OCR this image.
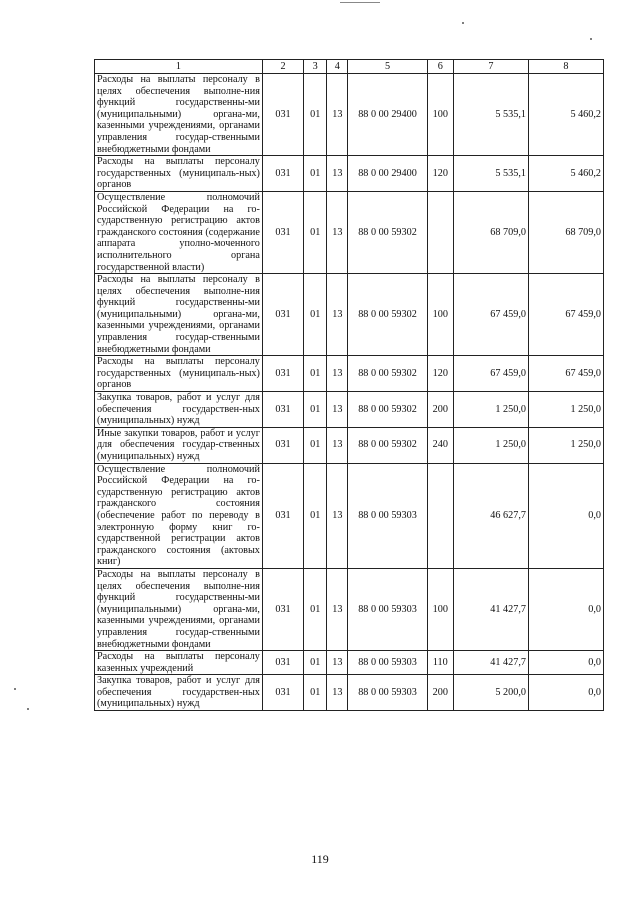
1	2	3	4	5	6	7	8
Расходы на выплаты персоналу в целях обеспечения выполне-ния функций государственны-ми (муниципальными) органа-ми, казенными учреждениями, органами управления государ-ственными внебюджетными фондами	031	01	13	88 0 00 29400	100	5 535,1	5 460,2
Расходы на выплаты персоналу государственных (муниципаль-ных) органов	031	01	13	88 0 00 29400	120	5 535,1	5 460,2
Осуществление полномочий Российской Федерации на го-сударственную регистрацию актов гражданского состояния (содержание аппарата уполно-моченного исполнительного органа государственной власти)	031	01	13	88 0 00 59302		68 709,0	68 709,0
Расходы на выплаты персоналу в целях обеспечения выполне-ния функций государственны-ми (муниципальными) органа-ми, казенными учреждениями, органами управления государ-ственными внебюджетными фондами	031	01	13	88 0 00 59302	100	67 459,0	67 459,0
Расходы на выплаты персоналу государственных (муниципаль-ных) органов	031	01	13	88 0 00 59302	120	67 459,0	67 459,0
Закупка товаров, работ и услуг для обеспечения государствен-ных (муниципальных) нужд	031	01	13	88 0 00 59302	200	1 250,0	1 250,0
Иные закупки товаров, работ и услуг для обеспечения государ-ственных (муниципальных) нужд	031	01	13	88 0 00 59302	240	1 250,0	1 250,0
Осуществление полномочий Российской Федерации на го-сударственную регистрацию актов гражданского состояния (обеспечение работ по переводу в электронную форму книг го-сударственной регистрации актов гражданского состояния (актовых книг)	031	01	13	88 0 00 59303		46 627,7	0,0
Расходы на выплаты персоналу в целях обеспечения выполне-ния функций государственны-ми (муниципальными) органа-ми, казенными учреждениями, органами управления государ-ственными внебюджетными фондами	031	01	13	88 0 00 59303	100	41 427,7	0,0
Расходы на выплаты персоналу казенных учреждений	031	01	13	88 0 00 59303	110	41 427,7	0,0
Закупка товаров, работ и услуг для обеспечения государствен-ных (муниципальных) нужд	031	01	13	88 0 00 59303	200	5 200,0	0,0
119
